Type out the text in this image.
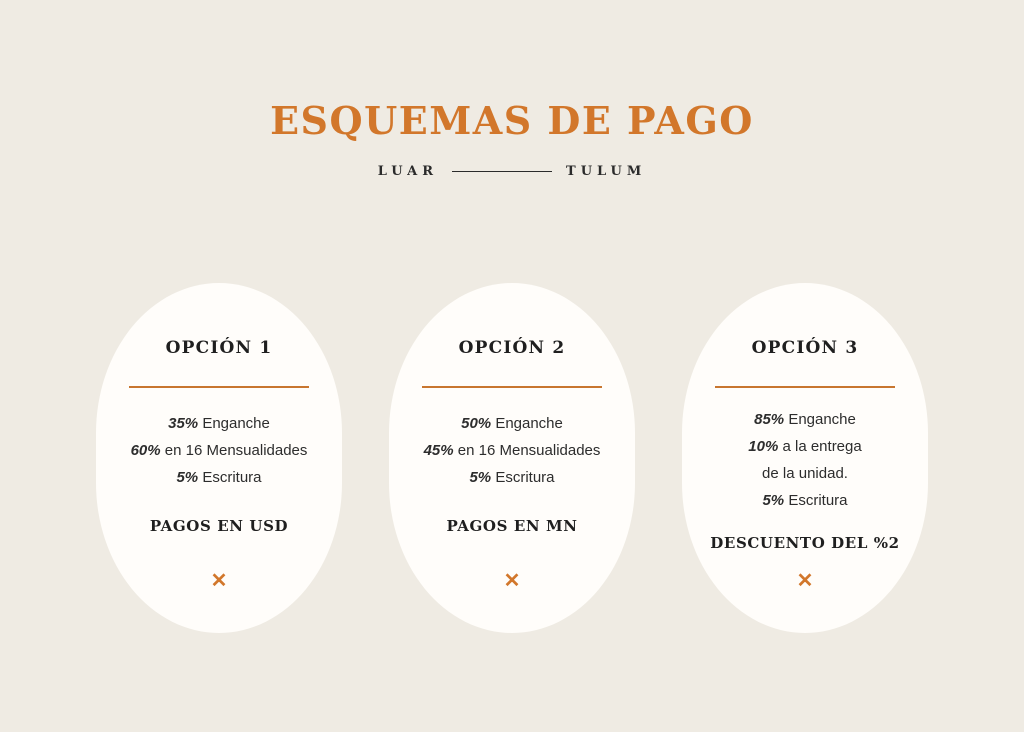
ESQUEMAS DE PAGO
LUAR	TULUM
OPCIÓN 1
35% Enganche
60% en 16 Mensualidades
5% Escritura
PAGOS EN USD
✕
OPCIÓN 2
50% Enganche
45% en 16 Mensualidades
5% Escritura
PAGOS EN MN
✕
OPCIÓN 3
85% Enganche
10% a la entrega
de la unidad.
5% Escritura
DESCUENTO DEL %2
✕
